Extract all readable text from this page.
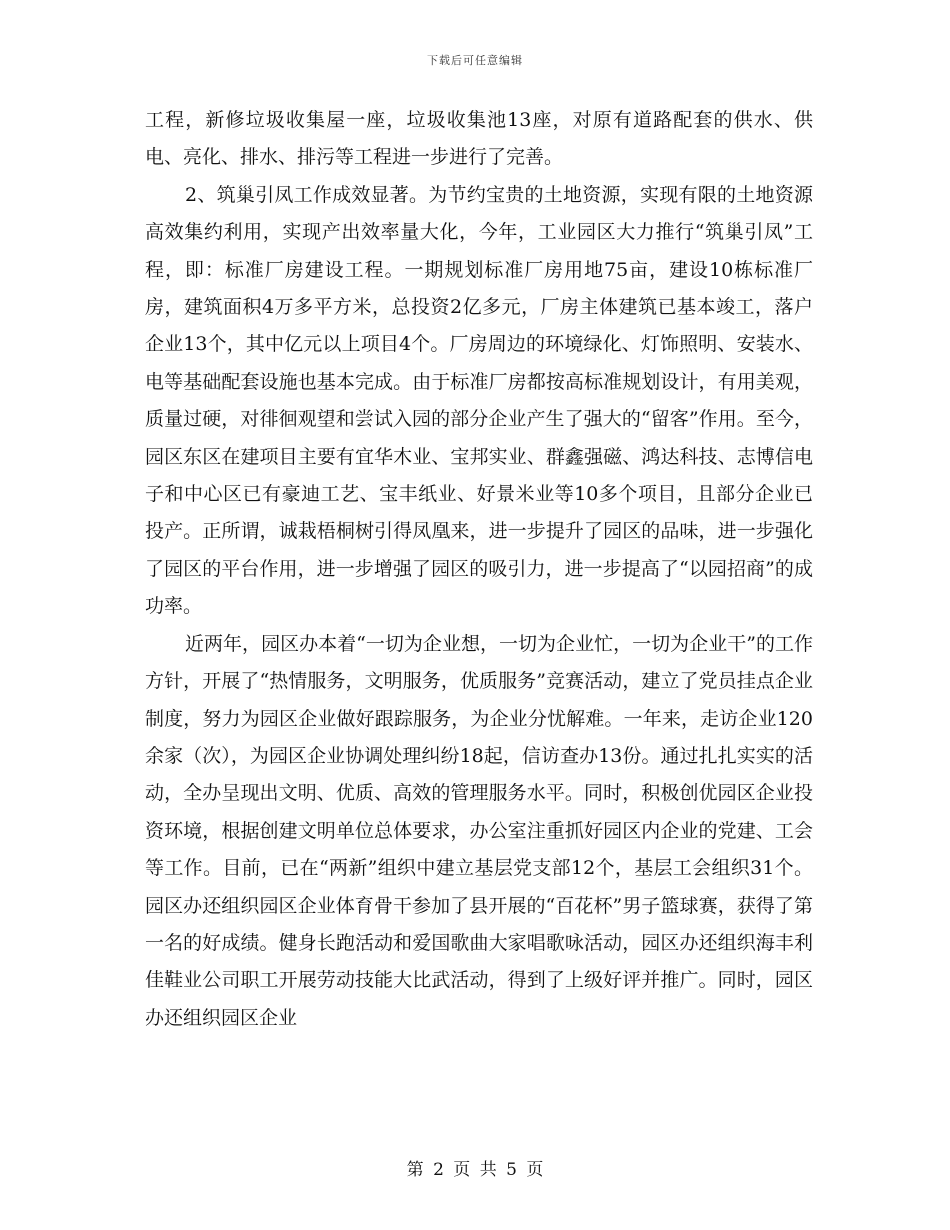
下载后可任意编辑

工程，新修垃圾收集屋一座，垃圾收集池13座，对原有道路配套的供水、供电、亮化、排水、排污等工程进一步进行了完善。

2、筑巢引凤工作成效显著。为节约宝贵的土地资源，实现有限的土地资源高效集约利用，实现产出效率量大化，今年，工业园区大力推行“筑巢引凤”工程，即：标准厂房建设工程。一期规划标准厂房用地75亩，建设10栋标准厂房，建筑面积4万多平方米，总投资2亿多元，厂房主体建筑已基本竣工，落户企业13个，其中亿元以上项目4个。厂房周边的环境绿化、灯饰照明、安装水、电等基础配套设施也基本完成。由于标准厂房都按高标准规划设计，有用美观，质量过硬，对徘徊观望和尝试入园的部分企业产生了强大的“留客”作用。至今，园区东区在建项目主要有宜华木业、宝邦实业、群鑫强磁、鸿达科技、志博信电子和中心区已有豪迪工艺、宝丰纸业、好景米业等10多个项目，且部分企业已投产。正所谓，诚栽梧桐树引得凤凰来，进一步提升了园区的品味，进一步强化了园区的平台作用，进一步增强了园区的吸引力，进一步提高了“以园招商”的成功率。

近两年，园区办本着“一切为企业想，一切为企业忙，一切为企业干”的工作方针，开展了“热情服务，文明服务，优质服务”竞赛活动，建立了党员挂点企业制度，努力为园区企业做好跟踪服务，为企业分忧解难。一年来，走访企业120余家（次），为园区企业协调处理纠纷18起，信访查办13份。通过扎扎实实的活动，全办呈现出文明、优质、高效的管理服务水平。同时，积极创优园区企业投资环境，根据创建文明单位总体要求，办公室注重抓好园区内企业的党建、工会等工作。目前，已在“两新”组织中建立基层党支部12个，基层工会组织31个。园区办还组织园区企业体育骨干参加了县开展的“百花杯”男子篮球赛，获得了第一名的好成绩。健身长跑活动和爱国歌曲大家唱歌咏活动，园区办还组织海丰利佳鞋业公司职工开展劳动技能大比武活动，得到了上级好评并推广。同时，园区办还组织园区企业

第 2 页 共 5 页
